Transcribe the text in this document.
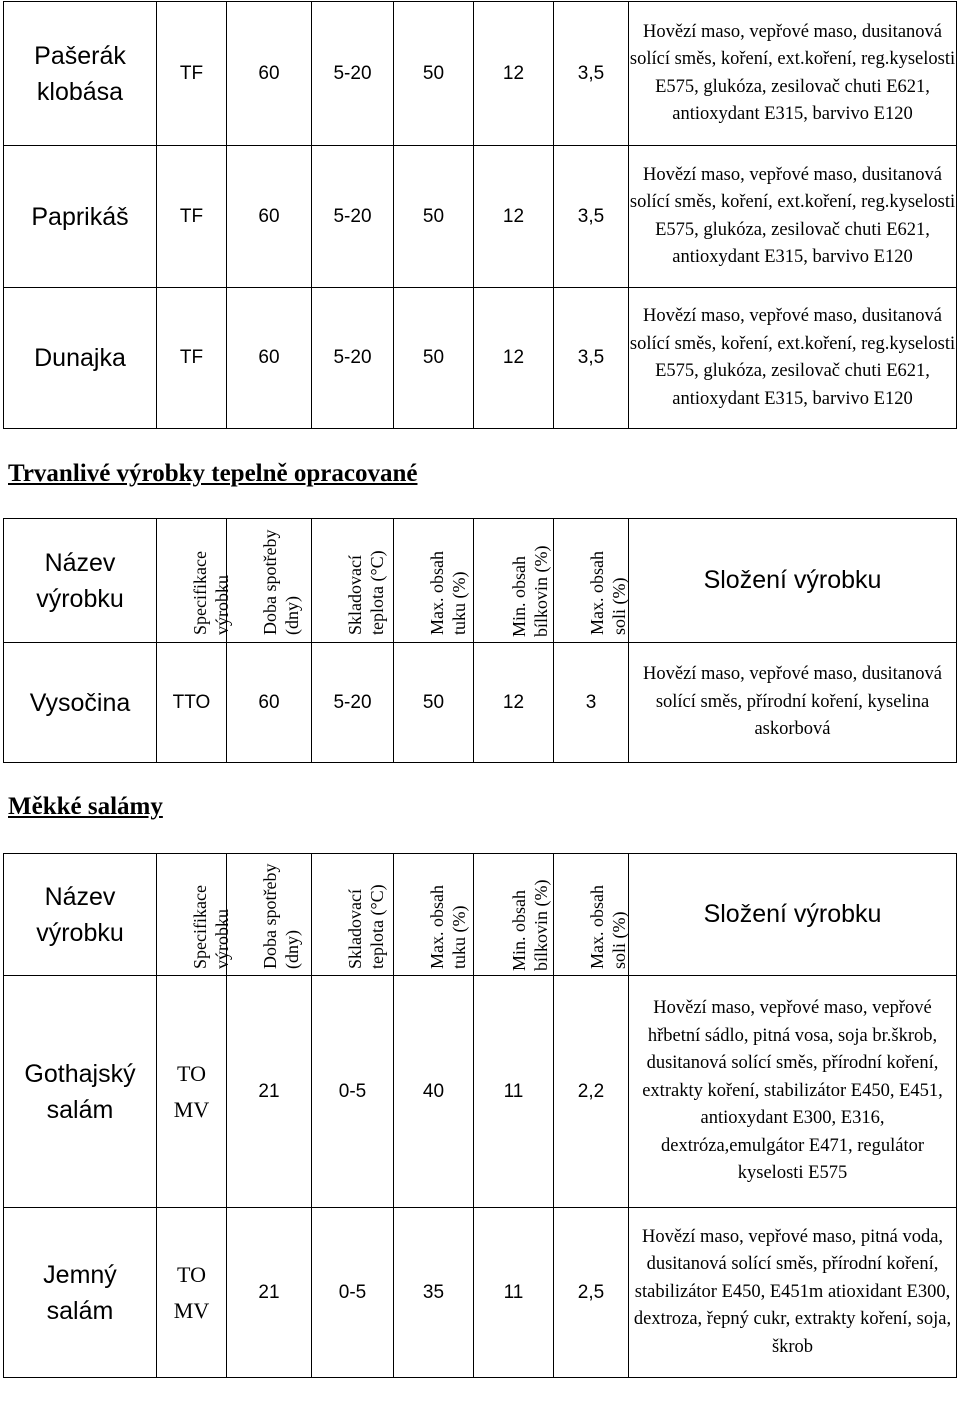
Pašerák klobása	TF	60	5-20	50	12	3,5	Hovězí maso, vepřové maso, dusitanová solící směs, koření, ext.koření, reg.kyselosti E575, glukóza, zesilovač chuti E621, antioxydant E315, barvivo E120
Paprikáš	TF	60	5-20	50	12	3,5	Hovězí maso, vepřové maso, dusitanová solící směs, koření, ext.koření, reg.kyselosti E575, glukóza, zesilovač chuti E621, antioxydant E315, barvivo E120
Dunajka	TF	60	5-20	50	12	3,5	Hovězí maso, vepřové maso, dusitanová solící směs, koření, ext.koření, reg.kyselosti E575, glukóza, zesilovač chuti E621, antioxydant E315, barvivo E120
Trvanlivé výrobky tepelně opracované
Název výrobku	Specifikace výrobku	Doba spotřeby (dny)	Skladovací teplota (°C)	Max. obsah tuku (%)	Min. obsah bílkovin (%)	Max. obsah soli (%)	Složení výrobku
Vysočina	TTO	60	5-20	50	12	3	Hovězí maso, vepřové maso, dusitanová solící směs, přírodní koření, kyselina askorbová
Měkké salámy
Název výrobku	Specifikace výrobku	Doba spotřeby (dny)	Skladovací teplota (°C)	Max. obsah tuku (%)	Min. obsah bílkovin (%)	Max. obsah soli (%)	Složení výrobku
Gothajský salám	TO MV	21	0-5	40	11	2,2	Hovězí maso, vepřové maso, vepřové hřbetní sádlo, pitná vosa, soja br.škrob, dusitanová solící směs, přírodní koření, extrakty koření, stabilizátor E450, E451, antioxydant E300, E316, dextróza,emulgátor E471, regulátor kyselosti E575
Jemný salám	TO MV	21	0-5	35	11	2,5	Hovězí maso, vepřové maso, pitná voda, dusitanová solící směs, přírodní koření, stabilizátor E450, E451m atioxidant E300, dextroza, řepný cukr, extrakty koření, soja, škrob
